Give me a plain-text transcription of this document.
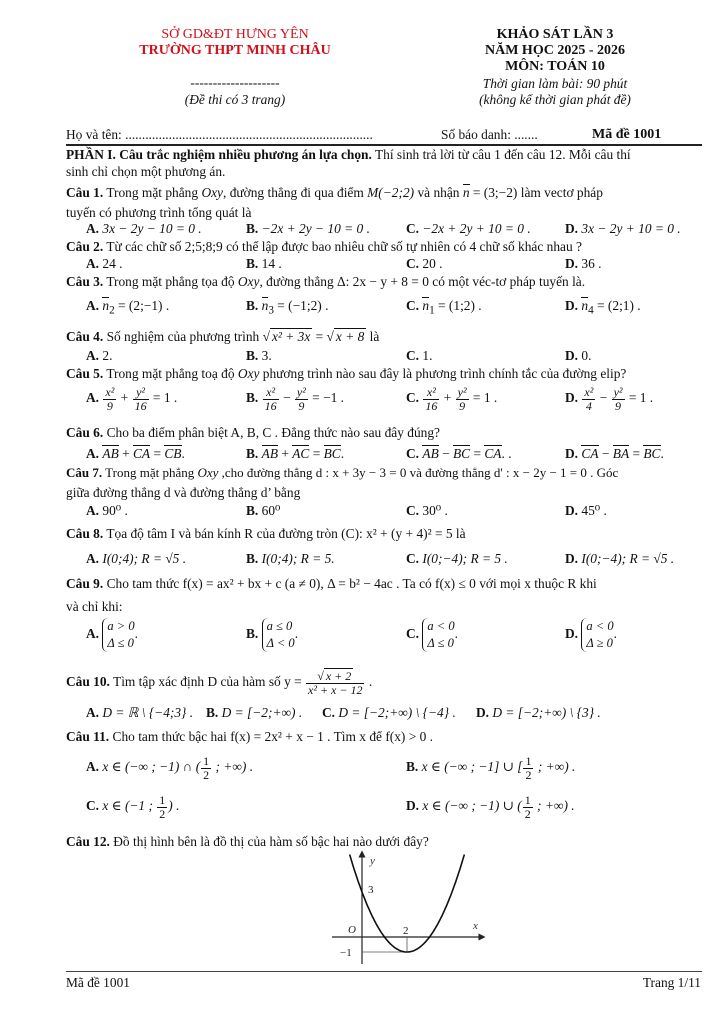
SỞ GD&ĐT HƯNG YÊN
TRƯỜNG THPT MINH CHÂU
--------------------
(Đề thi có 3 trang)
KHẢO SÁT LẦN 3
NĂM HỌC 2025 - 2026
MÔN: TOÁN 10
Thời gian làm bài: 90 phút
(không kể thời gian phát đề)
Họ và tên: ..........................................................................	Số báo danh: .......	Mã đề 1001
PHẦN I. Câu trắc nghiệm nhiều phương án lựa chọn. Thí sinh trả lời từ câu 1 đến câu 12. Mỗi câu thí
sinh chỉ chọn một phương án.
Câu 1. Trong mặt phẳng Oxy, đường thẳng đi qua điểm M(−2;2) và nhận n = (3;−2) làm vectơ pháp
tuyến có phương trình tổng quát là
A. 3x − 2y − 10 = 0 .	B. −2x + 2y − 10 = 0 .	C. −2x + 2y + 10 = 0 .	D. 3x − 2y + 10 = 0 .
Câu 2. Từ các chữ số 2;5;8;9 có thể lập được bao nhiêu chữ số tự nhiên có 4 chữ số khác nhau ?
A. 24 .	B. 14 .	C. 20 .	D. 36 .
Câu 3. Trong mặt phẳng tọa độ Oxy, đường thẳng Δ: 2x − y + 8 = 0 có một véc-tơ pháp tuyến là.
A. $n_2$ = (2;−1) .	B. $n_3$ = (−1;2) .	C. $n_1$ = (1;2) .	D. $n_4$ = (2;1) .
Câu 4. Số nghiệm của phương trình √ x² + 3x = √ x + 8 là
A. 2.	B. 3.	C. 1.	D. 0.
Câu 5. Trong mặt phẳng toạ độ Oxy phương trình nào sau đây là phương trình chính tắc của đường elip?
A. $\frac{\text{x²}}{9} + \frac{\text{y²}}{16} = 1$ .	B. $\frac{\text{x²}}{16} - \frac{\text{y²}}{9} = -1$ .	C. $\frac{\text{x²}}{16} + \frac{\text{y²}}{9} = 1$ .	D. $\frac{\text{x²}}{4} - \frac{\text{y²}}{9} = 1$ .
Câu 6. Cho ba điểm phân biệt A, B, C . Đẳng thức nào sau đây đúng?
A. AB + CA = CB.	B. AB + AC = BC.	C. AB − BC = CA. .	D. CA − BA = BC.
Câu 7. Trong mặt phẳng Oxy ,cho đường thẳng d : x + 3y − 3 = 0 và đường thẳng d' : x − 2y − 1 = 0 . Góc
giữa đường thẳng d và đường thẳng d’ bằng
A. 90⁰ .	B. 60⁰	C. 30⁰ .	D. 45⁰ .
Câu 8. Tọa độ tâm I và bán kính R của đường tròn (C): x² + (y + 4)² = 5 là
A. I(0;4); R = √5 .	B. I(0;4); R = 5.	C. I(0;−4); R = 5 .	D. I(0;−4); R = √5 .
Câu 9. Cho tam thức f(x) = ax² + bx + c (a ≠ 0), Δ = b² − 4ac . Ta có f(x) ≤ 0 với mọi x thuộc R khi
và chỉ khi:
A. a > 0
Δ ≤ 0
.	B. a ≤ 0
Δ < 0
.	C. a < 0
Δ ≤ 0
.	D. a < 0
Δ ≥ 0
.
Câu 10. Tìm tập xác định D của hàm số $y = \frac{√ x + 2}{\text{x² + x − 12}}$ .
A. D = ℝ \ {−4;3} . B. D = [−2;+∞) . C. D = [−2;+∞) \ {−4} . D. D = [−2;+∞) \ {3} .
Câu 11. Cho tam thức bậc hai f(x) = 2x² + x − 1 . Tìm x để f(x) > 0 .
A. x ∈ (−∞ ; −1) ∩ ( $\frac{1}{2}$ ; +∞) .	B. x ∈ (−∞ ; −1] ∪ [ $\frac{1}{2}$ ; +∞) .
C. x ∈ (−1 ; $\frac{1}{2}$ ) .	D. x ∈ (−∞ ; −1) ∪ ( $\frac{1}{2}$ ; +∞) .
Câu 12. Đồ thị hình bên là đồ thị của hàm số bậc hai nào dưới đây?
y
x
O
3
2
−1
Mã đề 1001	Trang 1/11
